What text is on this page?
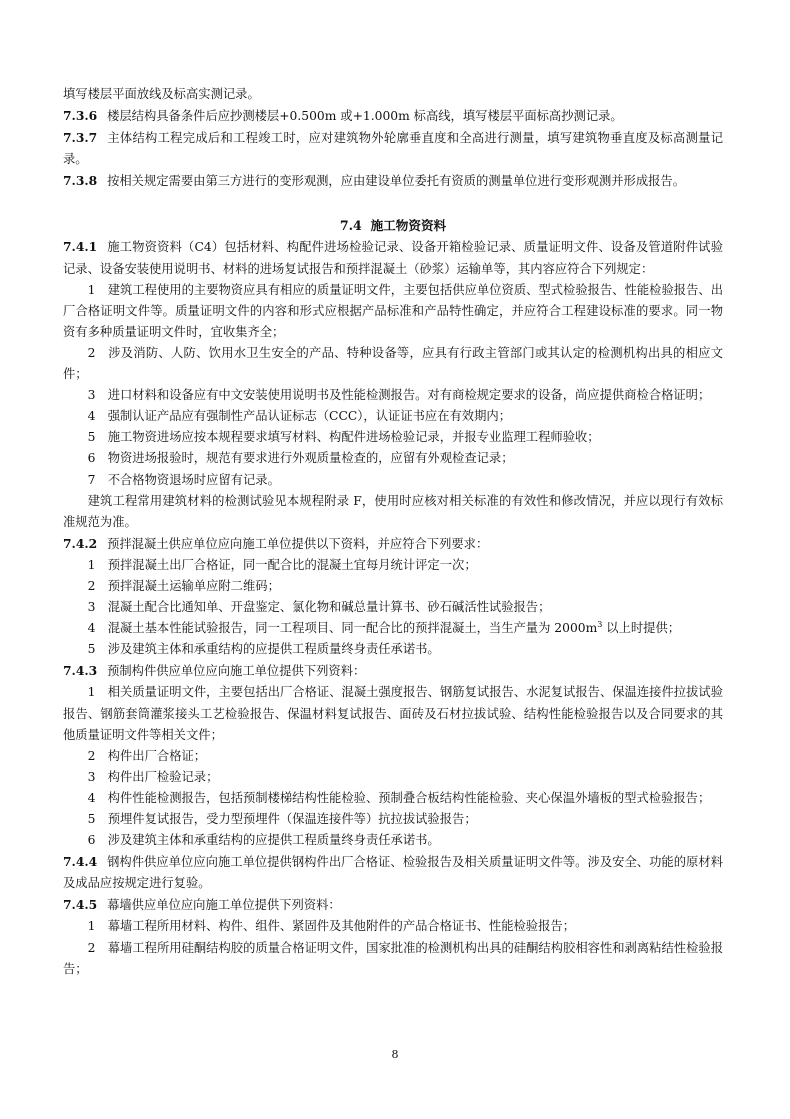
填写楼层平面放线及标高实测记录。

7.3.6 楼层结构具备条件后应抄测楼层+0.500m 或+1.000m 标高线，填写楼层平面标高抄测记录。

7.3.7 主体结构工程完成后和工程竣工时，应对建筑物外轮廓垂直度和全高进行测量，填写建筑物垂直度及标高测量记录。

7.3.8 按相关规定需要由第三方进行的变形观测，应由建设单位委托有资质的测量单位进行变形观测并形成报告。

7.4 施工物资资料

7.4.1 施工物资资料（C4）包括材料、构配件进场检验记录、设备开箱检验记录、质量证明文件、设备及管道附件试验记录、设备安装使用说明书、材料的进场复试报告和预拌混凝土（砂浆）运输单等，其内容应符合下列规定：

1　建筑工程使用的主要物资应具有相应的质量证明文件，主要包括供应单位资质、型式检验报告、性能检验报告、出厂合格证明文件等。质量证明文件的内容和形式应根据产品标准和产品特性确定，并应符合工程建设标准的要求。同一物资有多种质量证明文件时，宜收集齐全；

2　涉及消防、人防、饮用水卫生安全的产品、特种设备等，应具有行政主管部门或其认定的检测机构出具的相应文件；

3　进口材料和设备应有中文安装使用说明书及性能检测报告。对有商检规定要求的设备，尚应提供商检合格证明；

4　强制认证产品应有强制性产品认证标志（CCC），认证证书应在有效期内；

5　施工物资进场应按本规程要求填写材料、构配件进场检验记录，并报专业监理工程师验收；

6　物资进场报验时，规范有要求进行外观质量检查的，应留有外观检查记录；

7　不合格物资退场时应留有记录。

建筑工程常用建筑材料的检测试验见本规程附录 F，使用时应核对相关标准的有效性和修改情况，并应以现行有效标准规范为准。

7.4.2 预拌混凝土供应单位应向施工单位提供以下资料，并应符合下列要求：

1　预拌混凝土出厂合格证，同一配合比的混凝土宜每月统计评定一次；

2　预拌混凝土运输单应附二维码；

3　混凝土配合比通知单、开盘鉴定、氯化物和碱总量计算书、砂石碱活性试验报告；

4　混凝土基本性能试验报告，同一工程项目、同一配合比的预拌混凝土，当生产量为 $2000m^3$ 以上时提供；

5　涉及建筑主体和承重结构的应提供工程质量终身责任承诺书。

7.4.3 预制构件供应单位应向施工单位提供下列资料：

1　相关质量证明文件，主要包括出厂合格证、混凝土强度报告、钢筋复试报告、水泥复试报告、保温连接件拉拔试验报告、钢筋套筒灌浆接头工艺检验报告、保温材料复试报告、面砖及石材拉拔试验、结构性能检验报告以及合同要求的其他质量证明文件等相关文件；

2　构件出厂合格证；

3　构件出厂检验记录；

4　构件性能检测报告，包括预制楼梯结构性能检验、预制叠合板结构性能检验、夹心保温外墙板的型式检验报告；

5　预埋件复试报告，受力型预埋件（保温连接件等）抗拉拔试验报告；

6　涉及建筑主体和承重结构的应提供工程质量终身责任承诺书。

7.4.4 钢构件供应单位应向施工单位提供钢构件出厂合格证、检验报告及相关质量证明文件等。涉及安全、功能的原材料及成品应按规定进行复验。

7.4.5 幕墙供应单位应向施工单位提供下列资料：

1　幕墙工程所用材料、构件、组件、紧固件及其他附件的产品合格证书、性能检验报告；

2　幕墙工程所用硅酮结构胶的质量合格证明文件，国家批准的检测机构出具的硅酮结构胶相容性和剥离粘结性检验报告；

8
